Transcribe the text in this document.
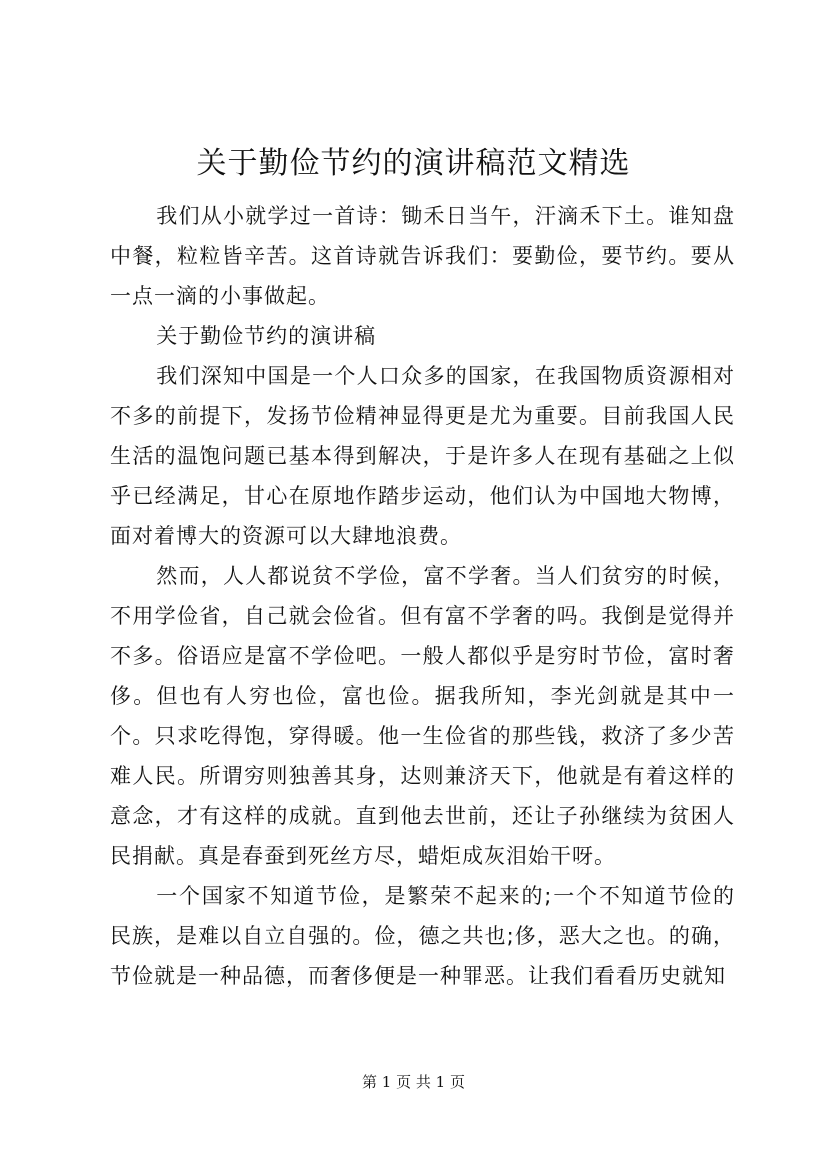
关于勤俭节约的演讲稿范文精选

我们从小就学过一首诗：锄禾日当午，汗滴禾下土。谁知盘中餐，粒粒皆辛苦。这首诗就告诉我们：要勤俭，要节约。要从一点一滴的小事做起。

关于勤俭节约的演讲稿

我们深知中国是一个人口众多的国家，在我国物质资源相对不多的前提下，发扬节俭精神显得更是尤为重要。目前我国人民生活的温饱问题已基本得到解决，于是许多人在现有基础之上似乎已经满足，甘心在原地作踏步运动，他们认为中国地大物博，面对着博大的资源可以大肆地浪费。

然而，人人都说贫不学俭，富不学奢。当人们贫穷的时候，不用学俭省，自己就会俭省。但有富不学奢的吗。我倒是觉得并不多。俗语应是富不学俭吧。一般人都似乎是穷时节俭，富时奢侈。但也有人穷也俭，富也俭。据我所知，李光剑就是其中一个。只求吃得饱，穿得暖。他一生俭省的那些钱，救济了多少苦难人民。所谓穷则独善其身，达则兼济天下，他就是有着这样的意念，才有这样的成就。直到他去世前，还让子孙继续为贫困人民捐献。真是春蚕到死丝方尽，蜡炬成灰泪始干呀。

一个国家不知道节俭，是繁荣不起来的;一个不知道节俭的民族，是难以自立自强的。俭，德之共也;侈，恶大之也。的确，节俭就是一种品德，而奢侈便是一种罪恶。让我们看看历史就知

第 1 页 共 1 页
